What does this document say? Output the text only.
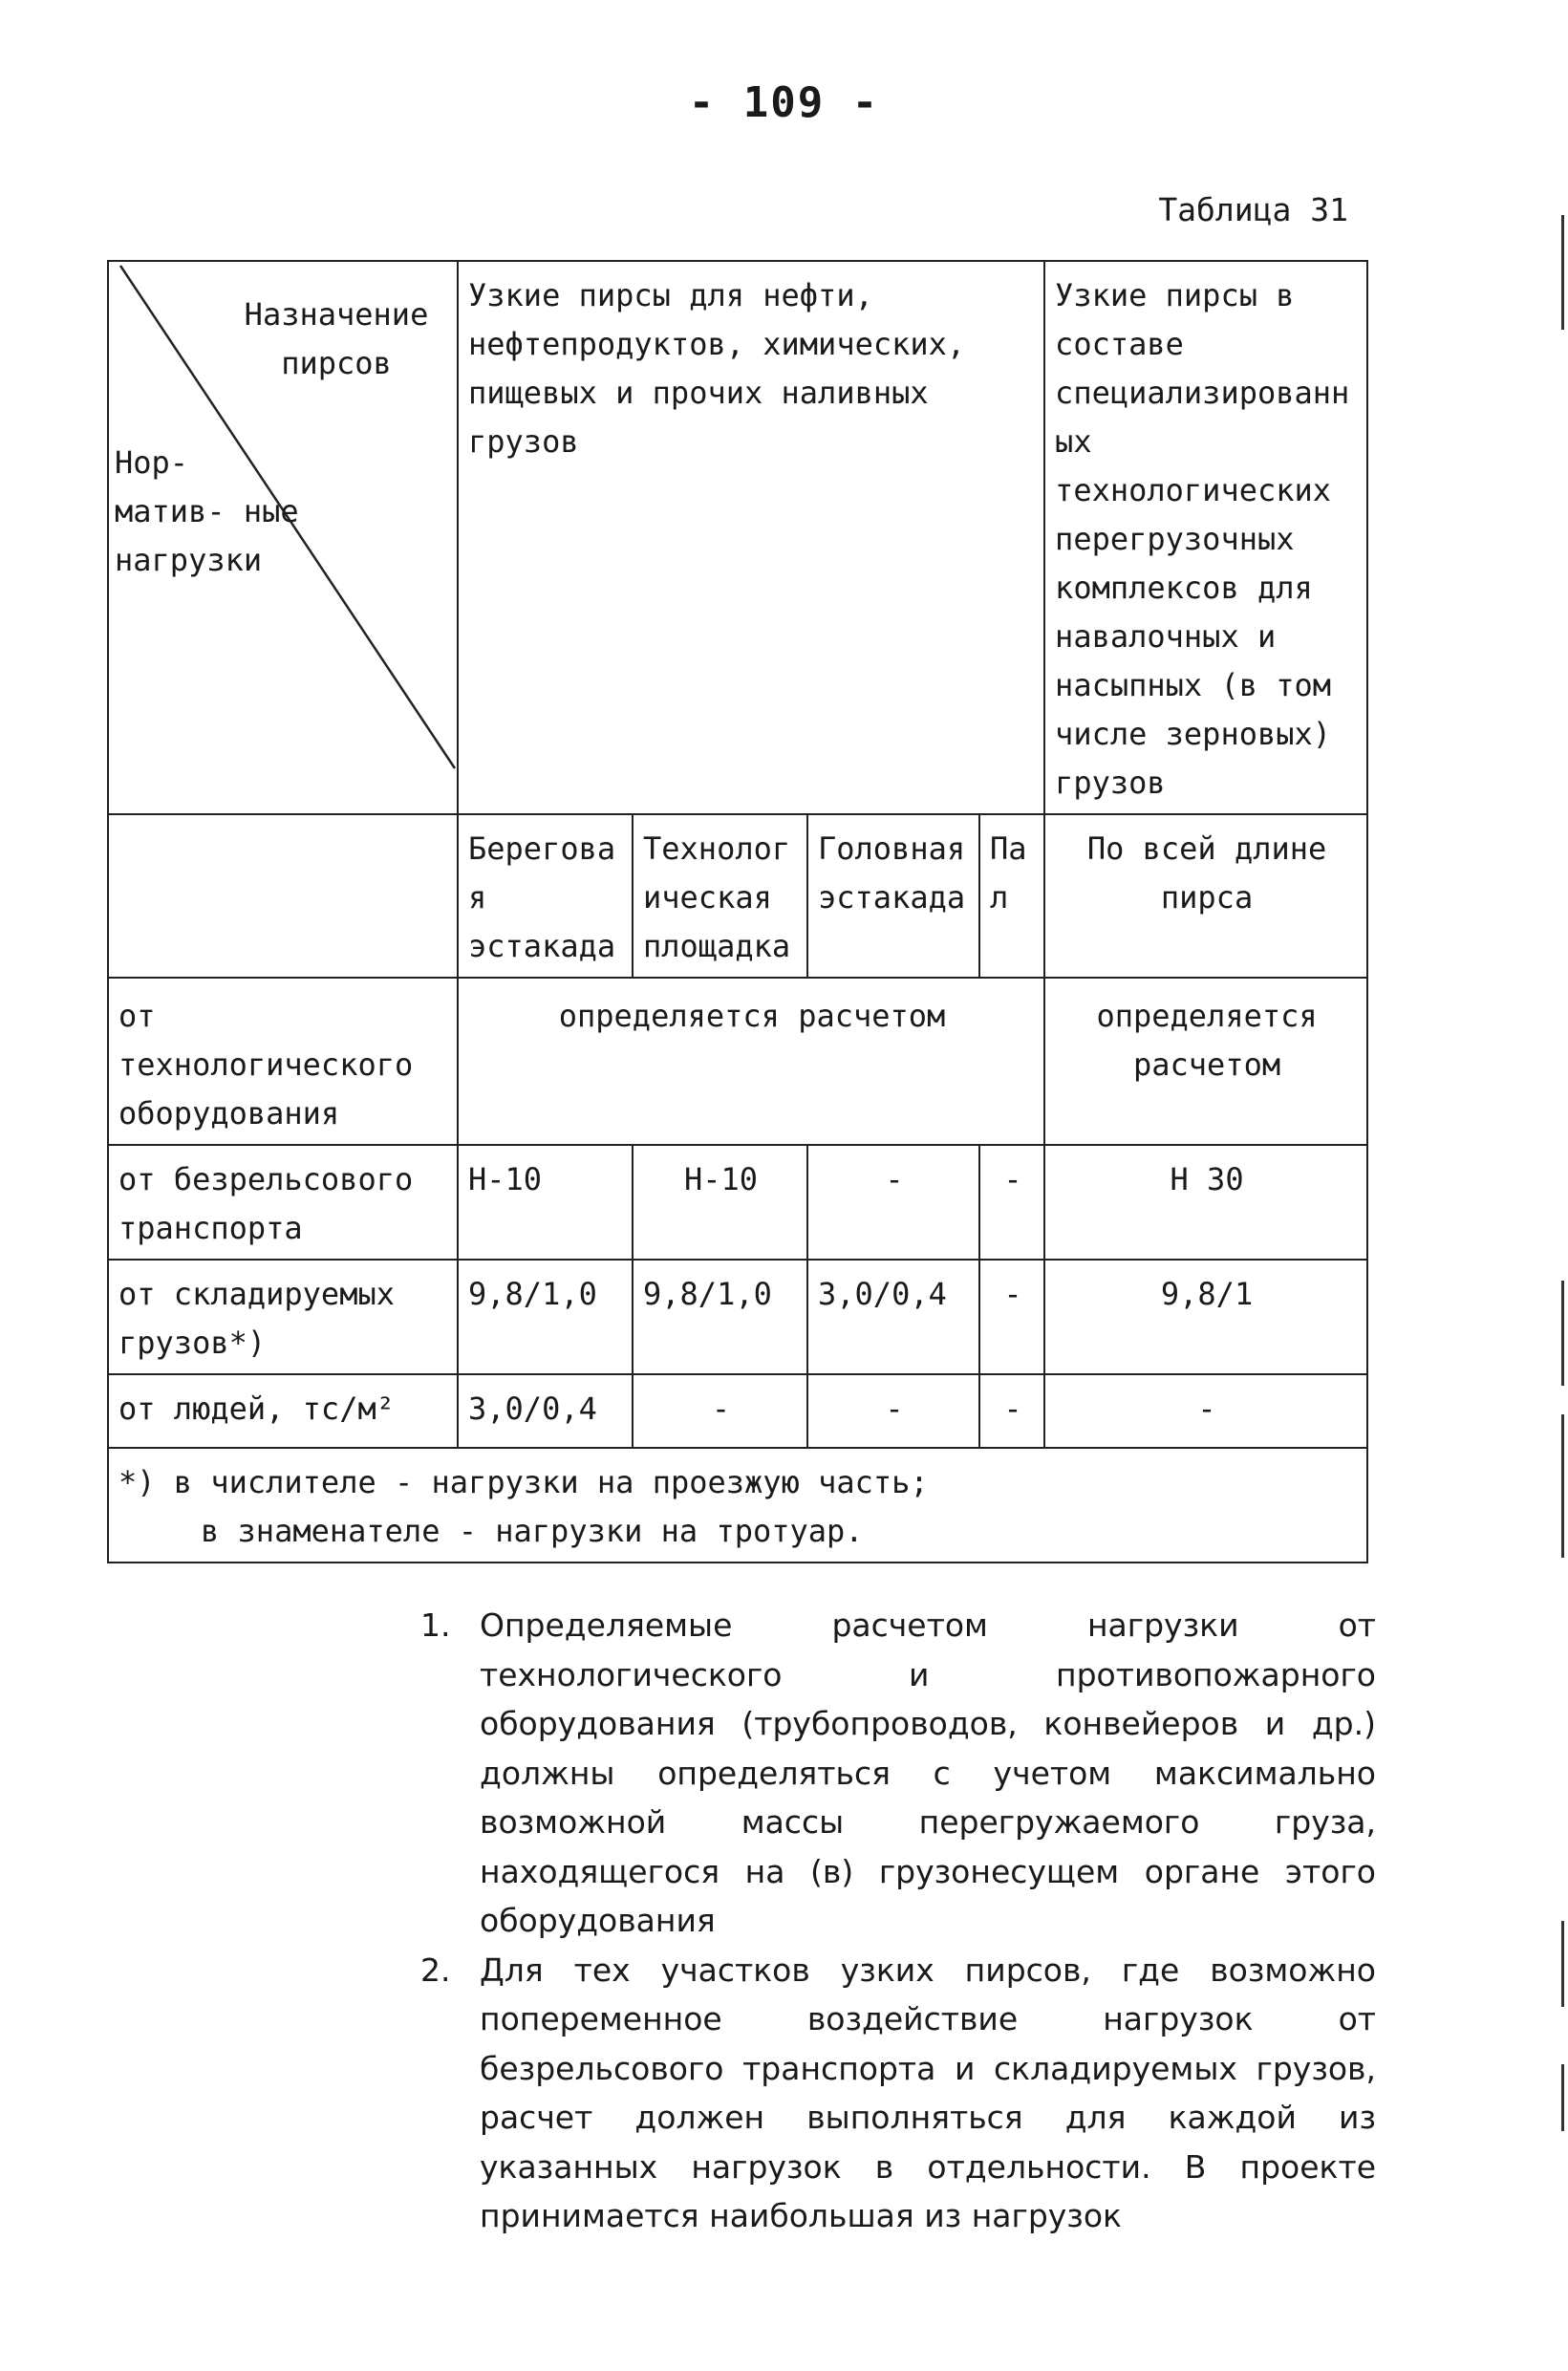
- 109 -
Таблица 31
Назначение пирсов
Нор- матив- ные нагрузки	Узкие пирсы для нефти, нефтепродуктов, химических, пищевых и прочих наливных грузов				Узкие пирсы в составе специализированных технологических перегрузочных комплексов для навалочных и насыпных (в том числе зерновых) грузов
	Береговая эстакада	Технологическая площадка	Головная эстакада	Пал	По всей длине пирса
от технологического оборудования	определяется расчетом				определяется расчетом
от безрельсового транспорта	Н-10	Н-10	-	-	Н 30
от складируемых грузов*)	9,8/1,0	9,8/1,0	3,0/0,4	-	9,8/1
от людей, тс/м²	3,0/0,4	-	-	-	-

*) в числителе - нагрузки на проезжую часть;
в знаменателе - нагрузки на тротуар.					
1. Определяемые расчетом нагрузки от технологического и противопожарного оборудования (трубопроводов, конвейеров и др.) должны определяться с учетом максимально возможной массы перегружаемого груза, находящегося на (в) грузонесущем органе этого оборудования
2. Для тех участков узких пирсов, где возможно попеременное воздействие нагрузок от безрельсового транспорта и складируемых грузов, расчет должен выполняться для каждой из указанных нагрузок в отдельности. В проекте принимается наибольшая из нагрузок
